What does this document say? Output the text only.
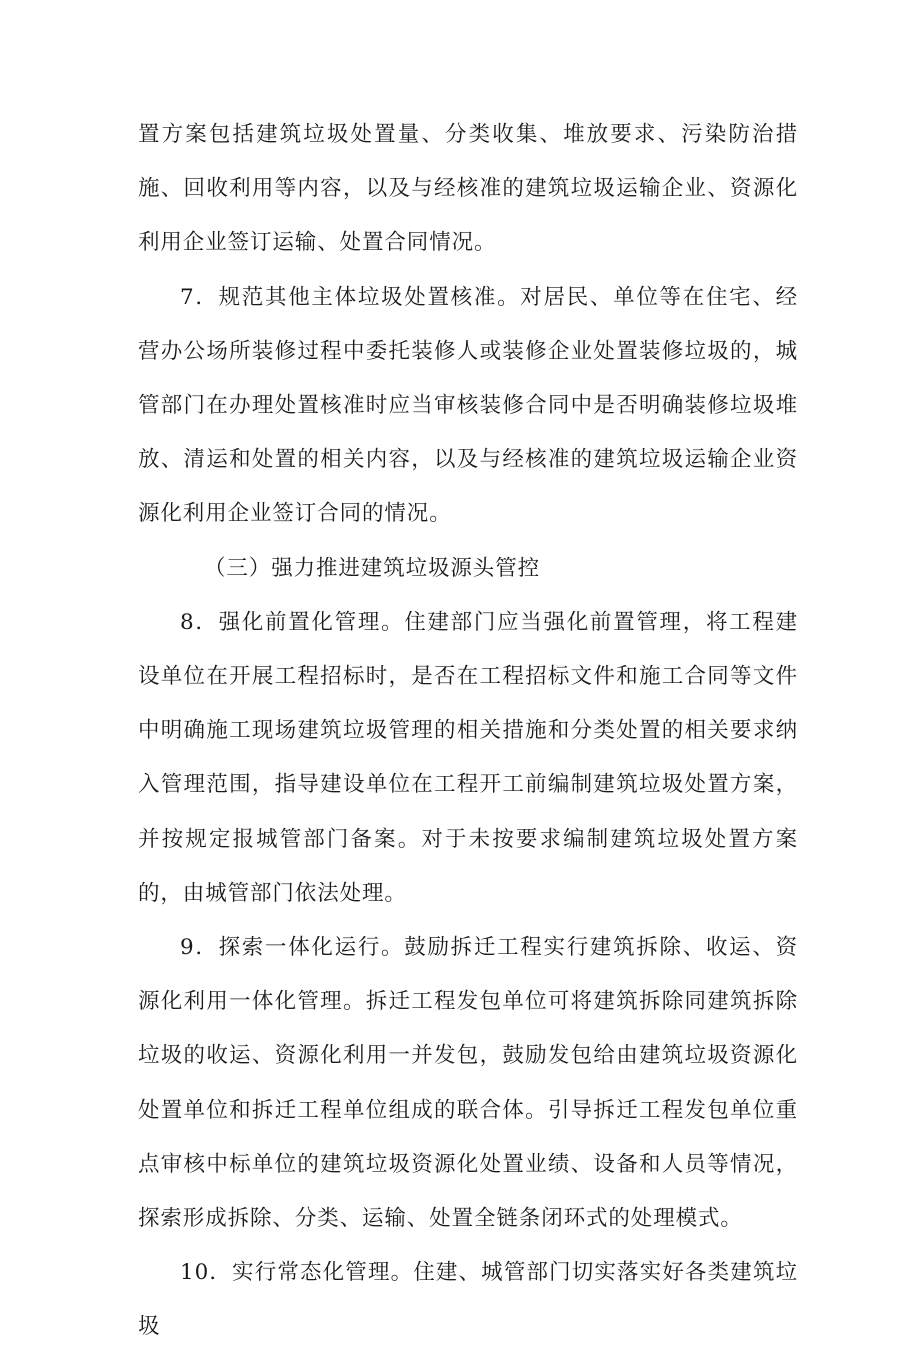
置方案包括建筑垃圾处置量、分类收集、堆放要求、污染防治措施、回收利用等内容，以及与经核准的建筑垃圾运输企业、资源化利用企业签订运输、处置合同情况。

7．规范其他主体垃圾处置核准。对居民、单位等在住宅、经营办公场所装修过程中委托装修人或装修企业处置装修垃圾的，城管部门在办理处置核准时应当审核装修合同中是否明确装修垃圾堆放、清运和处置的相关内容，以及与经核准的建筑垃圾运输企业资源化利用企业签订合同的情况。

（三）强力推进建筑垃圾源头管控

8．强化前置化管理。住建部门应当强化前置管理，将工程建设单位在开展工程招标时，是否在工程招标文件和施工合同等文件中明确施工现场建筑垃圾管理的相关措施和分类处置的相关要求纳入管理范围，指导建设单位在工程开工前编制建筑垃圾处置方案，并按规定报城管部门备案。对于未按要求编制建筑垃圾处置方案的，由城管部门依法处理。

9．探索一体化运行。鼓励拆迁工程实行建筑拆除、收运、资源化利用一体化管理。拆迁工程发包单位可将建筑拆除同建筑拆除垃圾的收运、资源化利用一并发包，鼓励发包给由建筑垃圾资源化处置单位和拆迁工程单位组成的联合体。引导拆迁工程发包单位重点审核中标单位的建筑垃圾资源化处置业绩、设备和人员等情况，探索形成拆除、分类、运输、处置全链条闭环式的处理模式。

10．实行常态化管理。住建、城管部门切实落实好各类建筑垃圾
